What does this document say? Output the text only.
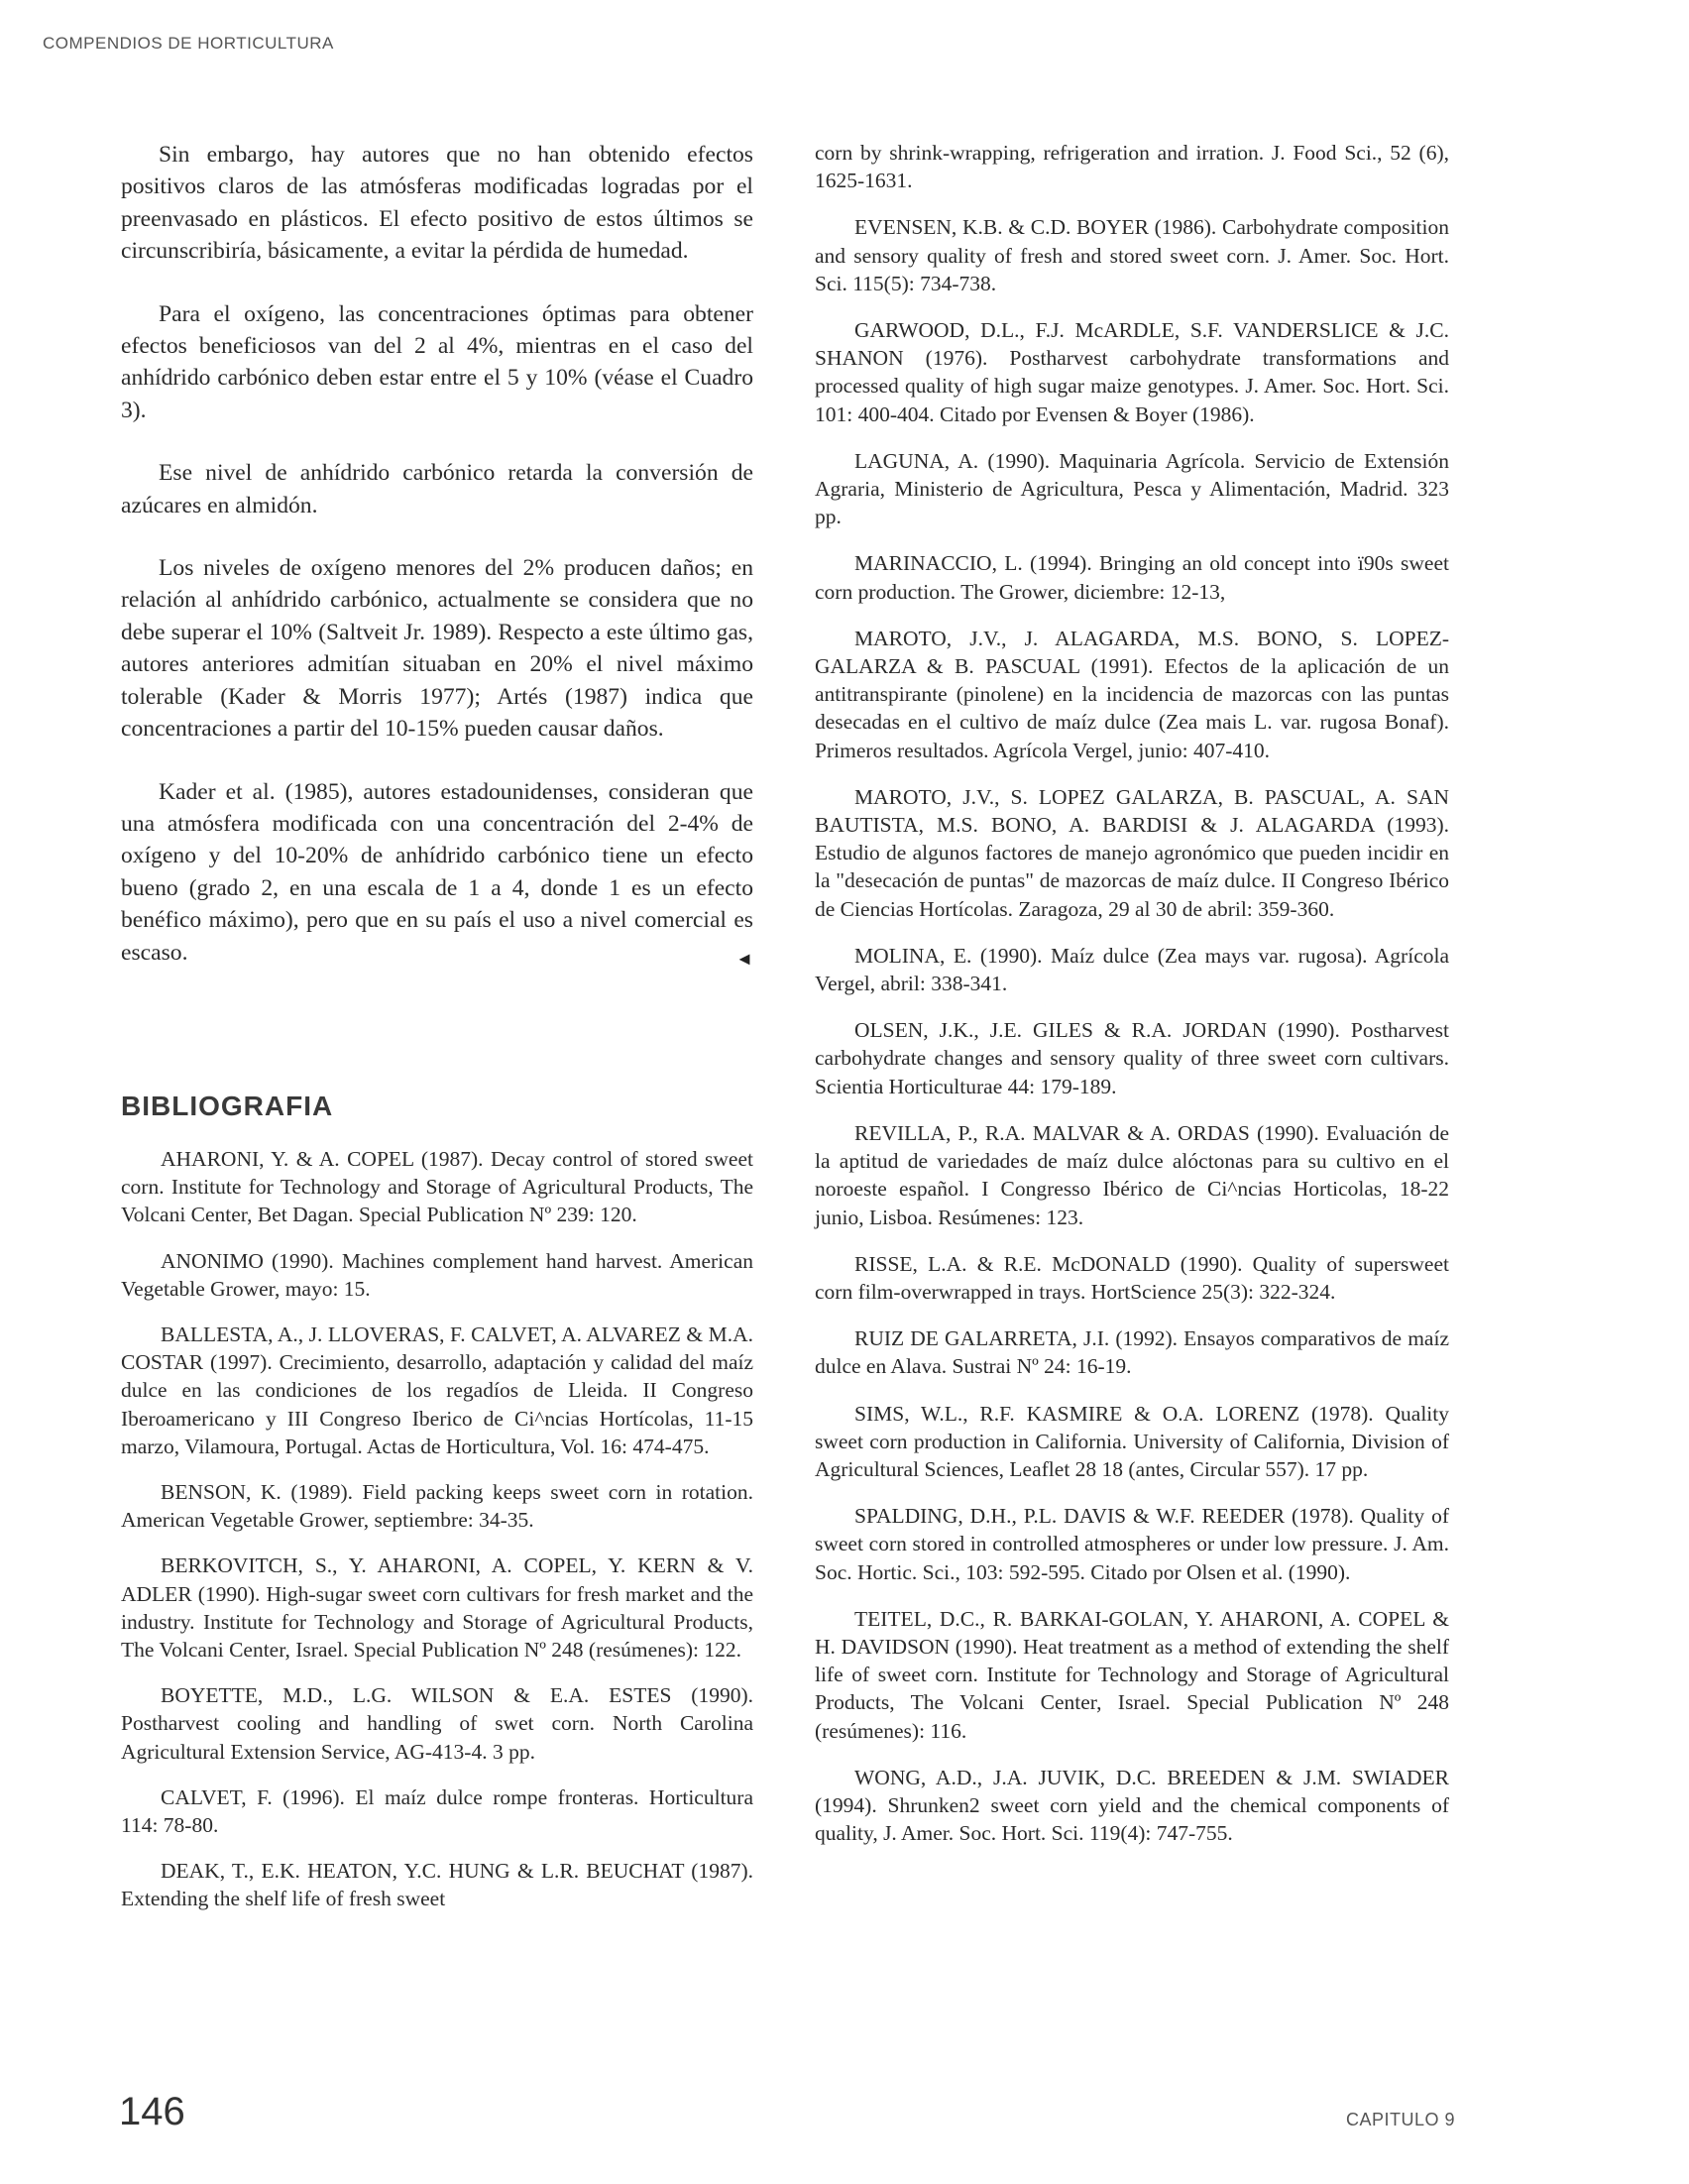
COMPENDIOS DE HORTICULTURA

Sin embargo, hay autores que no han obtenido efectos positivos claros de las atmósferas modificadas logradas por el preenvasado en plásticos. El efecto positivo de estos últimos se circunscribiría, básicamente, a evitar la pérdida de humedad.

Para el oxígeno, las concentraciones óptimas para obtener efectos beneficiosos van del 2 al 4%, mientras en el caso del anhídrido carbónico deben estar entre el 5 y 10% (véase el Cuadro 3).

Ese nivel de anhídrido carbónico retarda la conversión de azúcares en almidón.

Los niveles de oxígeno menores del 2% producen daños; en relación al anhídrido carbónico, actualmente se considera que no debe superar el 10% (Saltveit Jr. 1989). Respecto a este último gas, autores anteriores admitían situaban en 20% el nivel máximo tolerable (Kader & Morris 1977); Artés (1987) indica que concentraciones a partir del 10-15% pueden causar daños.

Kader et al. (1985), autores estadounidenses, consideran que una atmósfera modificada con una concentración del 2-4% de oxígeno y del 10-20% de anhídrido carbónico tiene un efecto bueno (grado 2, en una escala de 1 a 4, donde 1 es un efecto benéfico máximo), pero que en su país el uso a nivel comercial es escaso.	◄

BIBLIOGRAFIA

AHARONI, Y. & A. COPEL (1987). Decay control of stored sweet corn. Institute for Technology and Storage of Agricultural Products, The Volcani Center, Bet Dagan. Special Publication Nº 239: 120.

ANONIMO (1990). Machines complement hand harvest. American Vegetable Grower, mayo: 15.

BALLESTA, A., J. LLOVERAS, F. CALVET, A. ALVAREZ & M.A. COSTAR (1997). Crecimiento, desarrollo, adaptación y calidad del maíz dulce en las condiciones de los regadíos de Lleida. II Congreso Iberoamericano y III Congreso Iberico de Ci^ncias Hortícolas, 11-15 marzo, Vilamoura, Portugal. Actas de Horticultura, Vol. 16: 474-475.

BENSON, K. (1989). Field packing keeps sweet corn in rotation. American Vegetable Grower, septiembre: 34-35.

BERKOVITCH, S., Y. AHARONI, A. COPEL, Y. KERN & V. ADLER (1990). High-sugar sweet corn cultivars for fresh market and the industry. Institute for Technology and Storage of Agricultural Products, The Volcani Center, Israel. Special Publication Nº 248 (resúmenes): 122.

BOYETTE, M.D., L.G. WILSON & E.A. ESTES (1990). Postharvest cooling and handling of swet corn. North Carolina Agricultural Extension Service, AG-413-4. 3 pp.

CALVET, F. (1996). El maíz dulce rompe fronteras. Horticultura 114: 78-80.

DEAK, T., E.K. HEATON, Y.C. HUNG & L.R. BEUCHAT (1987). Extending the shelf life of fresh sweet

corn by shrink-wrapping, refrigeration and irration. J. Food Sci., 52 (6), 1625-1631.

EVENSEN, K.B. & C.D. BOYER (1986). Carbohydrate composition and sensory quality of fresh and stored sweet corn. J. Amer. Soc. Hort. Sci. 115(5): 734-738.

GARWOOD, D.L., F.J. McARDLE, S.F. VANDERSLICE & J.C. SHANON (1976). Postharvest carbohydrate transformations and processed quality of high sugar maize genotypes. J. Amer. Soc. Hort. Sci. 101: 400-404. Citado por Evensen & Boyer (1986).

LAGUNA, A. (1990). Maquinaria Agrícola. Servicio de Extensión Agraria, Ministerio de Agricultura, Pesca y Alimentación, Madrid. 323 pp.

MARINACCIO, L. (1994). Bringing an old concept into ї90s sweet corn production. The Grower, diciembre: 12-13,

MAROTO, J.V., J. ALAGARDA, M.S. BONO, S. LOPEZ-GALARZA & B. PASCUAL (1991). Efectos de la aplicación de un antitranspirante (pinolene) en la incidencia de mazorcas con las puntas desecadas en el cultivo de maíz dulce (Zea mais L. var. rugosa Bonaf). Primeros resultados. Agrícola Vergel, junio: 407-410.

MAROTO, J.V., S. LOPEZ GALARZA, B. PASCUAL, A. SAN BAUTISTA, M.S. BONO, A. BARDISI & J. ALAGARDA (1993). Estudio de algunos factores de manejo agronómico que pueden incidir en la "desecación de puntas" de mazorcas de maíz dulce. II Congreso Ibérico de Ciencias Hortícolas. Zaragoza, 29 al 30 de abril: 359-360.

MOLINA, E. (1990). Maíz dulce (Zea mays var. rugosa). Agrícola Vergel, abril: 338-341.

OLSEN, J.K., J.E. GILES & R.A. JORDAN (1990). Postharvest carbohydrate changes and sensory quality of three sweet corn cultivars. Scientia Horticulturae 44: 179-189.

REVILLA, P., R.A. MALVAR & A. ORDAS (1990). Evaluación de la aptitud de variedades de maíz dulce alóctonas para su cultivo en el noroeste español. I Congresso Ibérico de Ci^ncias Horticolas, 18-22 junio, Lisboa. Resúmenes: 123.

RISSE, L.A. & R.E. McDONALD (1990). Quality of supersweet corn film-overwrapped in trays. HortScience 25(3): 322-324.

RUIZ DE GALARRETA, J.I. (1992). Ensayos comparativos de maíz dulce en Alava. Sustrai Nº 24: 16-19.

SIMS, W.L., R.F. KASMIRE & O.A. LORENZ (1978). Quality sweet corn production in California. University of California, Division of Agricultural Sciences, Leaflet 28 18 (antes, Circular 557). 17 pp.

SPALDING, D.H., P.L. DAVIS & W.F. REEDER (1978). Quality of sweet corn stored in controlled atmospheres or under low pressure. J. Am. Soc. Hortic. Sci., 103: 592-595. Citado por Olsen et al. (1990).

TEITEL, D.C., R. BARKAI-GOLAN, Y. AHARONI, A. COPEL & H. DAVIDSON (1990). Heat treatment as a method of extending the shelf life of sweet corn. Institute for Technology and Storage of Agricultural Products, The Volcani Center, Israel. Special Publication Nº 248 (resúmenes): 116.

WONG, A.D., J.A. JUVIK, D.C. BREEDEN & J.M. SWIADER (1994). Shrunken2 sweet corn yield and the chemical components of quality, J. Amer. Soc. Hort. Sci. 119(4): 747-755.

146	CAPITULO 9
